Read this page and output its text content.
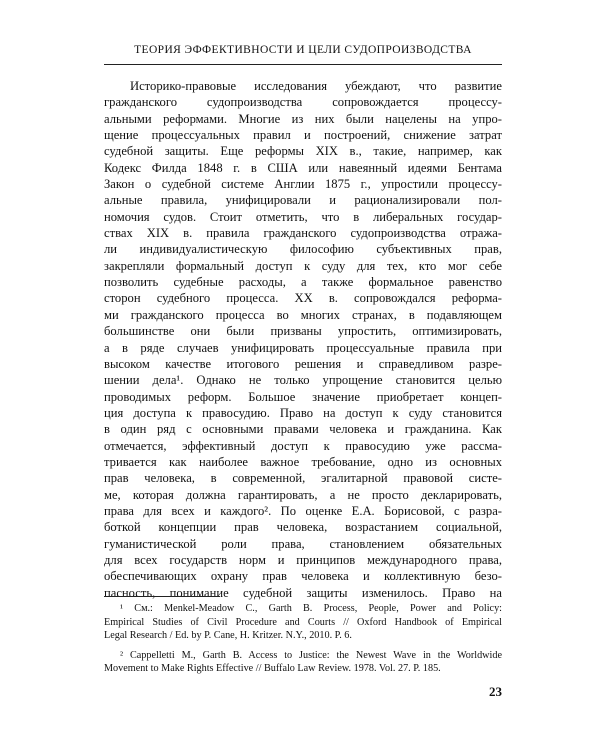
ТЕОРИЯ ЭФФЕКТИВНОСТИ И ЦЕЛИ СУДОПРОИЗВОДСТВА
Историко-правовые исследования убеждают, что развитие
гражданского судопроизводства сопровождается процессу-
альными реформами. Многие из них были нацелены на упро-
щение процессуальных правил и построений, снижение затрат
судебной защиты. Еще реформы XIX в., такие, например, как
Кодекс Филда 1848 г. в США или навеянный идеями Бентама
Закон о судебной системе Англии 1875 г., упростили процессу-
альные правила, унифицировали и рационализировали пол-
номочия судов. Стоит отметить, что в либеральных государ-
ствах XIX в. правила гражданского судопроизводства отража-
ли индивидуалистическую философию субъективных прав,
закрепляли формальный доступ к суду для тех, кто мог себе
позволить судебные расходы, а также формальное равенство
сторон судебного процесса. XX в. сопровождался реформа-
ми гражданского процесса во многих странах, в подавляющем
большинстве они были призваны упростить, оптимизировать,
а в ряде случаев унифицировать процессуальные правила при
высоком качестве итогового решения и справедливом разре-
шении дела¹. Однако не только упрощение становится целью
проводимых реформ. Большое значение приобретает концеп-
ция доступа к правосудию. Право на доступ к суду становится
в один ряд с основными правами человека и гражданина. Как
отмечается, эффективный доступ к правосудию уже рассма-
тривается как наиболее важное требование, одно из основных
прав человека, в современной, эгалитарной правовой систе-
ме, которая должна гарантировать, а не просто декларировать,
права для всех и каждого². По оценке Е.А. Борисовой, с разра-
боткой концепции прав человека, возрастанием социальной,
гуманистической роли права, становлением обязательных
для всех государств норм и принципов международного права,
обеспечивающих охрану прав человека и коллективную безо-
пасность, понимание судебной защиты изменилось. Право на
¹ См.: Menkel-Meadow C., Garth B. Process, People, Power and Policy:
Empirical Studies of Civil Procedure and Courts // Oxford Handbook of Empirical
Legal Research / Ed. by P. Cane, H. Kritzer. N.Y., 2010. P. 6.
² Cappelletti M., Garth B. Access to Justice: the Newest Wave in the Worldwide
Movement to Make Rights Effective // Buffalo Law Review. 1978. Vol. 27. P. 185.
23
